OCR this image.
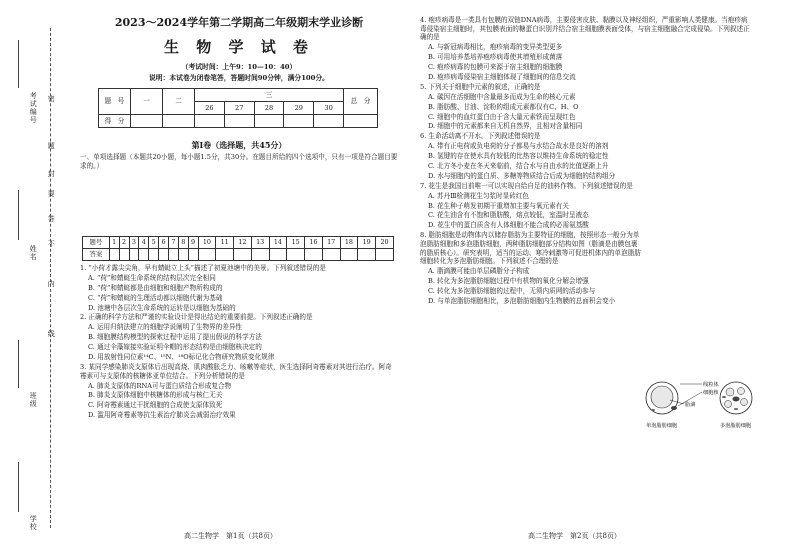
密
封
不
内
线
要
答
题
考试编号
姓名
班级
学校
2023～2024学年第二学期高二年级期末学业诊断
生 物 学 试 卷
（考试时间：上午9：10—10：40）
说明：本试卷为闭卷笔答，答题时间90分钟，满分100分。
题　号	一	二	三					总　分
			26	27	28	29	30	
得　分								
第Ⅰ卷（选择题，共45分）
一、单项选择题（本题共20小题，每小题1.5分，共30分。在题目所给的四个选项中，只有一项是符合题目要求的。）
题号	1	2	3	4	5	6	7	8	9	10	11	12	13	14	15	16	17	18	19	20
答案																				
1. “小荷才露尖尖角，早有蜻蜓立上头”描述了初夏池塘中的美景。下列叙述错误的是
A. “荷”和蜻蜓生命系统的结构层次完全相同
B. “荷”和蜻蜓都是由细胞和细胞产物所构成的
C. “荷”和蜻蜓的生理活动都以细胞代谢为基础
D. 池塘中各层次生命系统的运转是以细胞为基础的
2. 正确的科学方法和严谨的实验设计是得出结论的重要前提。下列叙述正确的是
A. 运用归纳法建立的细胞学说阐明了生物界的差异性
B. 细胞膜结构模型的探索过程中运用了提出假说的科学方法
C. 通过伞藻嫁接实验证明伞帽的形态结构是由细胞核决定的
D. 用放射性同位素¹⁴C、¹⁵N、¹⁸O标记化合物研究物质变化规律
3. 某同学感染肺炎支原体后出现高烧、肌肉酸胀乏力、咳嗽等症状，医生选择阿奇霉素对其进行治疗。阿奇霉素可与支原体的核糖体亚单位结合。下列分析错误的是
A. 肺炎支原体的RNA可与蛋白质结合形成复合物
B. 肺炎支原体细胞中核糖体的形成与核仁无关
C. 阿奇霉素通过干扰细胞的合成使支原体致死
D. 滥用阿奇霉素等抗生素治疗肺炎会减弱治疗效果
高二生物学　第1页（共8页）
4. 疱疹病毒是一类具有包膜的双链DNA病毒，主要侵害皮肤、黏膜以及神经组织，严重影响人类健康。当疱疹病毒侵染宿主细胞时，其包膜表面的糖蛋白识别并结合宿主细胞膜表面受体，与宿主细胞融合完成侵染。下列叙述正确的是
A. 与新冠病毒相比，疱疹病毒的变异类型更多
B. 可用培养基培养疱疹病毒使其增殖形成菌落
C. 疱疹病毒的包膜可来源于宿主细胞的细胞膜
D. 疱疹病毒侵染宿主细胞体现了细胞间的信息交流
5. 下列关于细胞中元素的叙述，正确的是
A. 碳因在活细胞中含量最多而成为生命的核心元素
B. 脂肪酸、甘油、淀粉的组成元素都仅有C、H、O
C. 细胞中的血红蛋白由于含大量元素铁而呈现红色
D. 细胞中的元素都来自无机自然界，且相对含量相同
6. 生命活动离不开水。下列叙述错误的是
A. 带有正电荷或负电荷的分子都易与水结合故水是良好的溶剂
B. 氢键的存在使水具有较低的比热容以维持生命系统的稳定性
C. 北方冬小麦在冬天来临前，结合水与自由水的比值逐渐上升
D. 水与细胞内的蛋白质、多糖等物质结合后成为细胞的结构组分
7. 花生是我国目前唯一可以实现自给自足的油料作物。下列叙述错误的是
A. 苏丹Ⅲ检测花生匀浆时显砖红色
B. 花生种子萌发初期干重增加主要与氧元素有关
C. 花生油含有不饱和脂肪酸，熔点较低，室温时呈液态
D. 花生中的蛋白质含有人体细胞不能合成的必需氨基酸
8. 脂肪细胞是动物体内以储存脂肪为主要特征的细胞，按照形态一般分为单泡脂肪细胞和多泡脂肪细胞，两种脂肪细胞部分结构如图（脂滴是由膜包裹的脂质核心）。研究表明，适当的运动、寒冷刺激等可促进机体内的单泡脂肪细胞转化为多泡脂肪细胞。下列叙述不合理的是
A. 脂滴膜可能由单层磷脂分子构成
B. 转化为多泡脂肪细胞过程中有机物的氧化分解会增强
C. 转化为多泡脂肪细胞的过程中，无须内质网的活动参与
D. 与单泡脂肪细胞相比，多泡脂肪细胞内生物膜的总面积会变小
线粒体
细胞核
脂滴
单泡脂肪细胞	多泡脂肪细胞
高二生物学　第2页（共8页）
